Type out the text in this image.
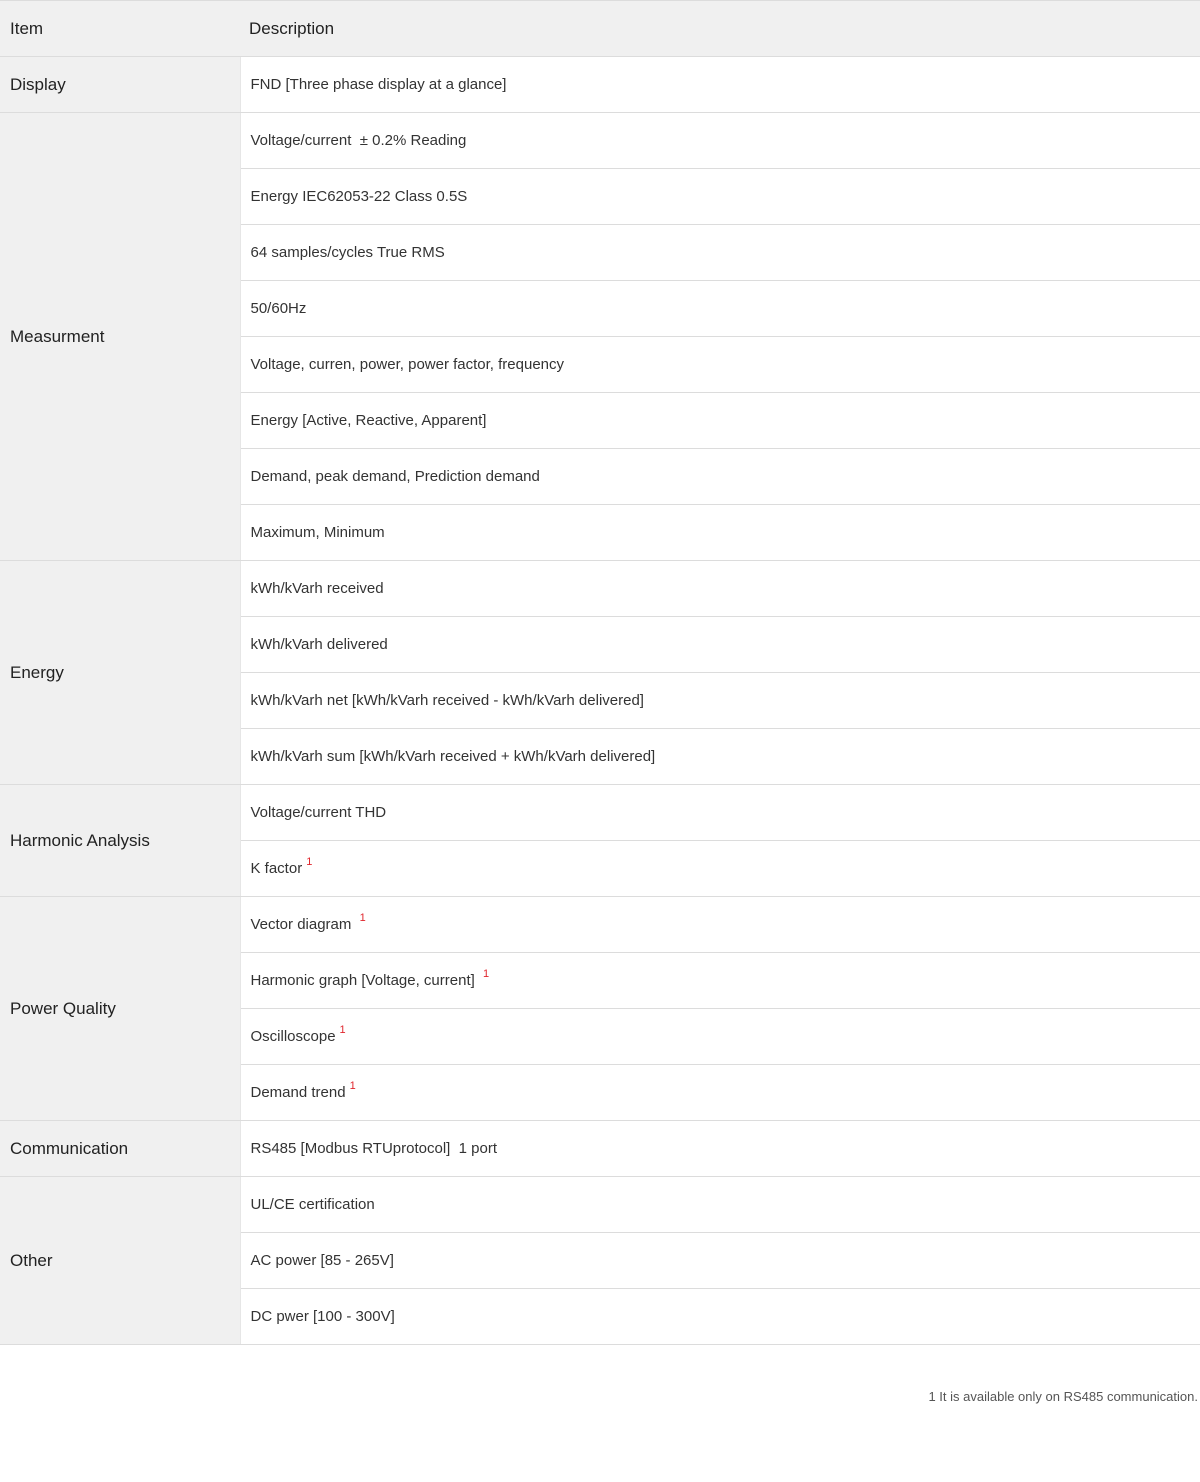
Item	Description
Display	FND [Three phase display at a glance]
Measurment	Voltage/current  ± 0.2% Reading
	Energy IEC62053-22 Class 0.5S
	64 samples/cycles True RMS
	50/60Hz
	Voltage, curren, power, power factor, frequency
	Energy [Active, Reactive, Apparent]
	Demand, peak demand, Prediction demand
	Maximum, Minimum
Energy	kWh/kVarh received
	kWh/kVarh delivered
	kWh/kVarh net [kWh/kVarh received - kWh/kVarh delivered]
	kWh/kVarh sum [kWh/kVarh received + kWh/kVarh delivered]
Harmonic Analysis	Voltage/current THD
	K factor $^1$
Power Quality	Vector diagram $^1$
	Harmonic graph [Voltage, current] $^1$
	Oscilloscope $^1$
	Demand trend $^1$
Communication	RS485 [Modbus RTUprotocol]  1 port
Other	UL/CE certification
	AC power [85 - 265V]
	DC pwer [100 - 300V]
1 It is available only on RS485 communication.
